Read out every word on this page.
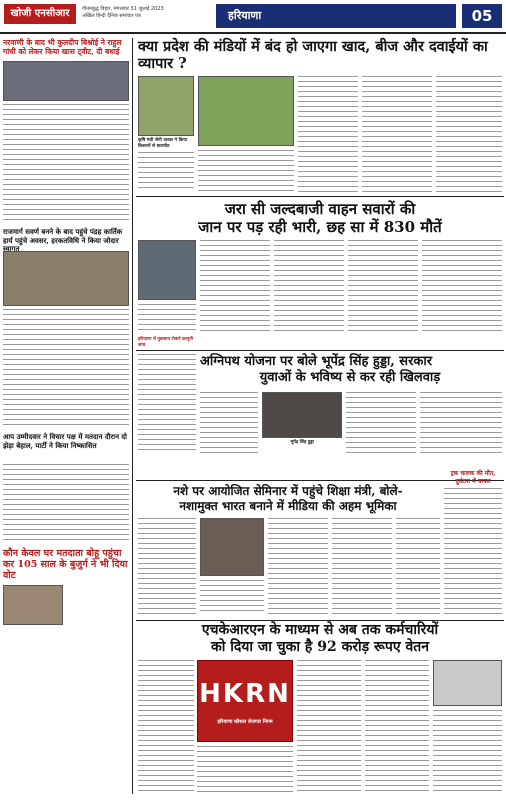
खोजी एनसीआर	गौतमबुद्ध विहार, मंगलवार 31 जुलाई 2023
अखिल हिन्दी दैनिक समाचार पत्र	हरियाणा	05
नरवाणी के बाद भी कुलदीप बिश्नोई ने राहुल गांधी को लेकर किया खास ट्वीट, दी बधाई
राजमार्ग सवर्ण बनने के बाद पहुंचे पंद्रह कार्तिक हार्य पहुंचे अवसर, हरकतविधि ने किया जोदार स्वागत
आप उम्मीदवार ने विचार पक्ष में मतदान दौरान दो झेड़ा बेहाल, पार्टी ने किया निष्कासित
कौन केवल घर मतदाता बोहू पहुंचा कर 105 साल के बुजुर्ग ने भी दिया वोट
क्या प्रदेश की मंडियों में बंद हो जाएगा खाद, बीज और दवाईयों का व्यापार ?
कृषि मंत्री जेपी दलाल ने किया किसानों से बातचीत
जरा सी जल्दबाजी वाहन सवारों की
जान पर पड़ रही भारी, छह सा में 830 मौतें
हरियाणा में नुकसान रोकने कानूनी जांच
अग्निपथ योजना पर बोले भूपेंद्र सिंह हुड्डा, सरकार
युवाओं के भविष्य से कर रही खिलवाड़
भूपेंद्र सिंह हुड्डा
नशे पर आयोजित सेमिनार में पहुंचे शिक्षा मंत्री, बोले-
नशामुक्त भारत बनाने में मीडिया की अहम भूमिका
ट्रक चालक की मौत, दुर्घटना में घायल
एचकेआरएन के माध्यम से अब तक कर्मचारियों
को दिया जा चुका है 92 करोड़ रूपए वेतन
HKRN
हरियाणा कौशल रोजगार निगम
